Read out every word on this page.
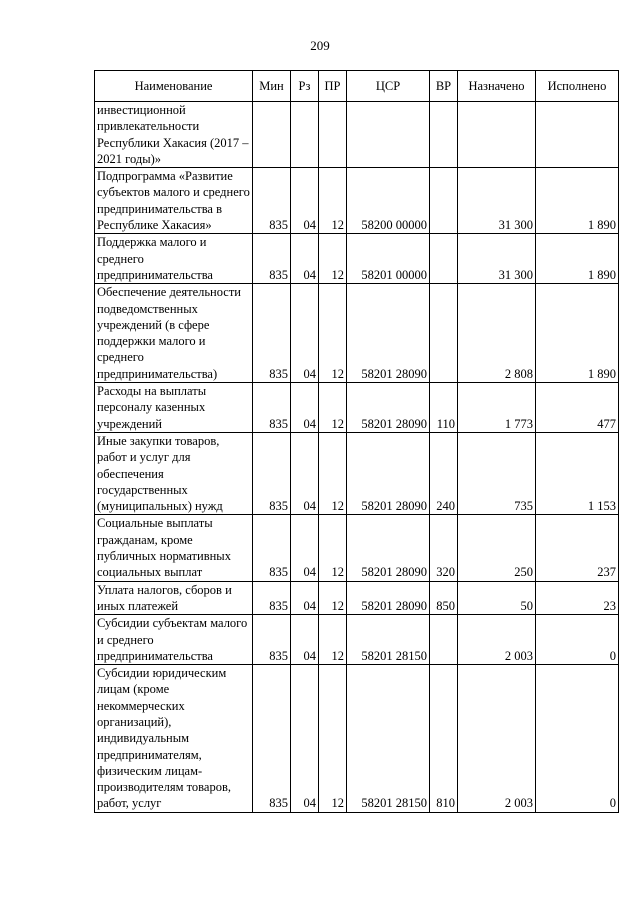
209
Наименование	Мин	Рз	ПР	ЦСР	ВР	Назначено	Исполнено
инвестиционной привлекательности Республики Хакасия (2017 – 2021 годы)»							
Подпрограмма «Развитие субъектов малого и среднего предпринимательства в Республике Хакасия»	835	04	12	58200 00000		31 300	1 890
Поддержка малого и среднего предпринимательства	835	04	12	58201 00000		31 300	1 890
Обеспечение деятельности подведомственных учреждений (в сфере поддержки малого и среднего предпринимательства)	835	04	12	58201 28090		2 808	1 890
Расходы на выплаты персоналу казенных учреждений	835	04	12	58201 28090	110	1 773	477
Иные закупки товаров, работ и услуг для обеспечения государственных (муниципальных) нужд	835	04	12	58201 28090	240	735	1 153
Социальные выплаты гражданам, кроме публичных нормативных социальных выплат	835	04	12	58201 28090	320	250	237
Уплата налогов, сборов и иных платежей	835	04	12	58201 28090	850	50	23
Субсидии субъектам малого и среднего предпринимательства	835	04	12	58201 28150		2 003	0
Субсидии юридическим лицам (кроме некоммерческих организаций), индивидуальным предпринимателям, физическим лицам-производителям товаров, работ, услуг	835	04	12	58201 28150	810	2 003	0
